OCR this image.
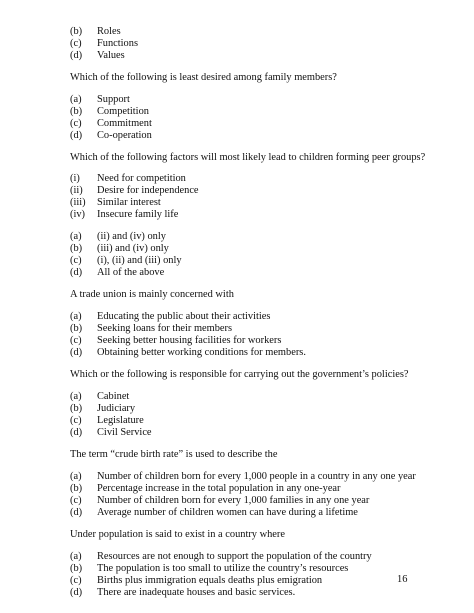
(b) Roles
(c) Functions
(d) Values
Which of the following is least desired among family members?
(a) Support
(b) Competition
(c) Commitment
(d) Co-operation
Which of the following factors will most likely lead to children forming peer groups?
(i) Need for competition
(ii) Desire for independence
(iii) Similar interest
(iv) Insecure family life
(a) (ii) and (iv) only
(b) (iii) and (iv) only
(c) (i), (ii) and (iii) only
(d) All of the above
A trade union is mainly concerned with
(a) Educating the public about their activities
(b) Seeking loans for their members
(c) Seeking better housing facilities for workers
(d) Obtaining better working conditions for members.
Which or the following is responsible for carrying out the government’s policies?
(a) Cabinet
(b) Judiciary
(c) Legislature
(d) Civil Service
The term “crude birth rate” is used to describe the
(a) Number of children born for every 1,000 people in a country in any one year
(b) Percentage increase in the total population in any one-year
(c) Number of children born for every 1,000 families in any one year
(d) Average number of children women can have during a lifetime
Under population is said to exist in a country where
(a) Resources are not enough to support the population of the country
(b) The population is too small to utilize the country’s resources
(c) Births plus immigration equals deaths plus emigration
(d) There are inadequate houses and basic services.
16
